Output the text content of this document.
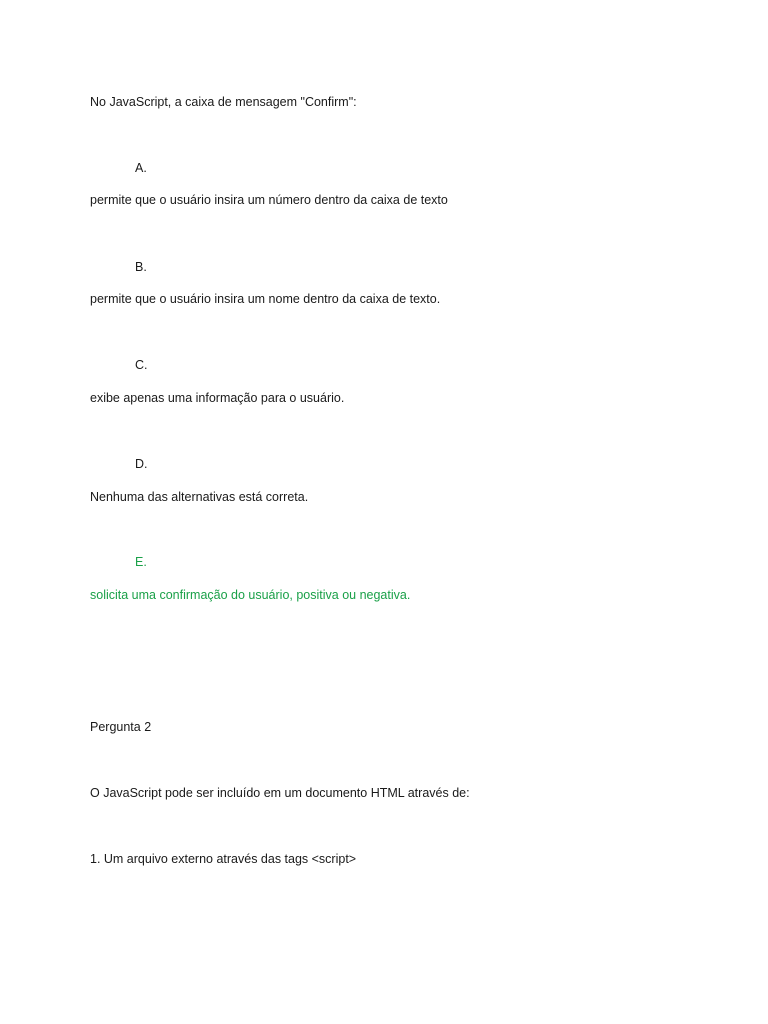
No JavaScript, a caixa de mensagem "Confirm":
A.
permite que o usuário insira um número dentro da caixa de texto
B.
permite que o usuário insira um nome dentro da caixa de texto.
C.
exibe apenas uma informação para o usuário.
D.
Nenhuma das alternativas está correta.
E.
solicita uma confirmação do usuário, positiva ou negativa.
Pergunta 2
O JavaScript pode ser incluído em um documento HTML através de:
1. Um arquivo externo através das tags <script>
